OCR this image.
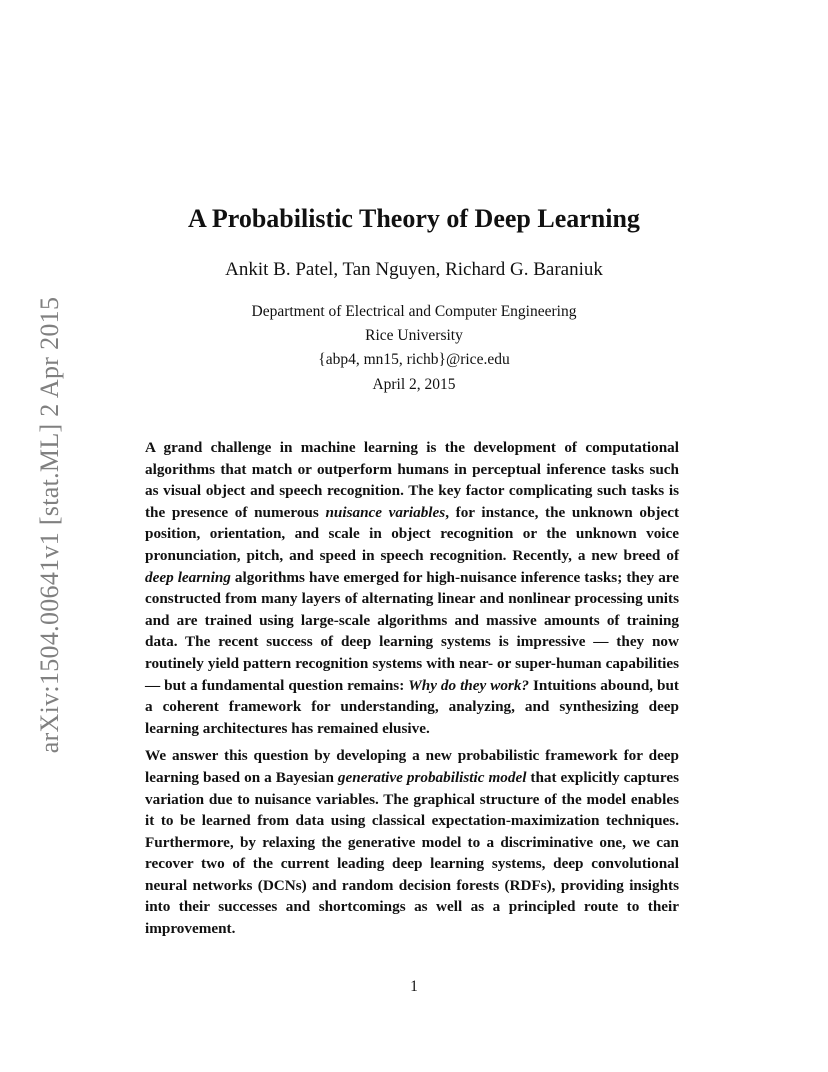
arXiv:1504.00641v1 [stat.ML] 2 Apr 2015
A Probabilistic Theory of Deep Learning
Ankit B. Patel, Tan Nguyen, Richard G. Baraniuk
Department of Electrical and Computer Engineering
Rice University
{abp4, mn15, richb}@rice.edu
April 2, 2015

A grand challenge in machine learning is the development of computational algorithms that match or outperform humans in perceptual inference tasks such as visual object and speech recognition. The key factor complicating such tasks is the presence of numerous nuisance variables, for instance, the unknown object position, orientation, and scale in object recognition or the unknown voice pronunciation, pitch, and speed in speech recognition. Recently, a new breed of deep learning algorithms have emerged for high-nuisance inference tasks; they are constructed from many layers of alternating linear and nonlinear processing units and are trained using large-scale algorithms and massive amounts of training data. The recent success of deep learning systems is impressive — they now routinely yield pattern recognition systems with near- or super-human capabilities — but a fundamental question remains: Why do they work? Intuitions abound, but a coherent framework for understanding, analyzing, and synthesizing deep learning architectures has remained elusive.

We answer this question by developing a new probabilistic framework for deep learning based on a Bayesian generative probabilistic model that explicitly captures variation due to nuisance variables. The graphical structure of the model enables it to be learned from data using classical expectation-maximization techniques. Furthermore, by relaxing the generative model to a discriminative one, we can recover two of the current leading deep learning systems, deep convolutional neural networks (DCNs) and random decision forests (RDFs), providing insights into their successes and shortcomings as well as a principled route to their improvement.

1
